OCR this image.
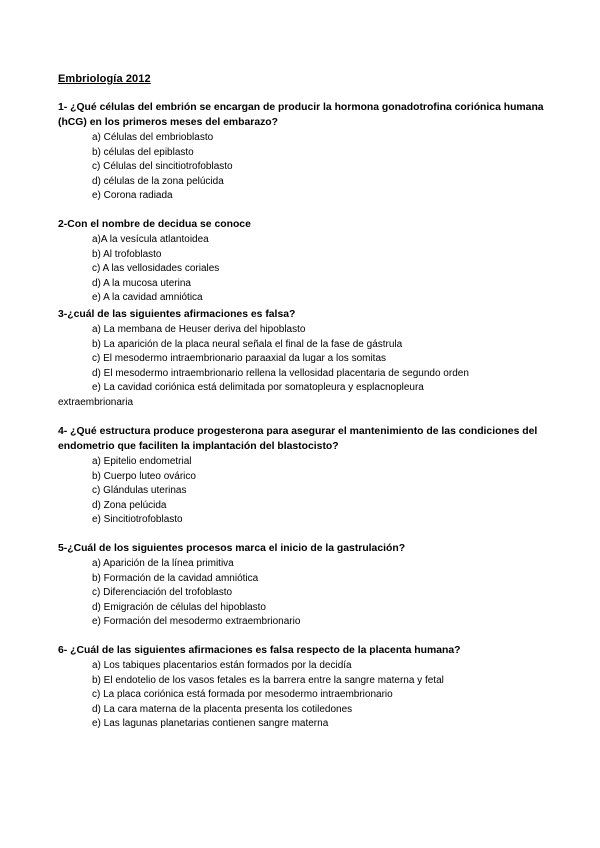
Embriología 2012

1- ¿Qué células del embrión se encargan de producir la hormona gonadotrofina coriónica humana (hCG) en los primeros meses del embarazo?

a) Células del embrioblasto
b) células del epiblasto
c) Células del sincitiotrofoblasto
d) células de la zona pelúcida
e) Corona radiada

2-Con el nombre de decidua se conoce

a)A la vesícula atlantoidea
b) Al trofoblasto
c) A las vellosidades coriales
d) A la mucosa uterina
e) A la cavidad amniótica

3-¿cuál de las siguientes afirmaciones es falsa?

a) La membana de Heuser deriva del hipoblasto
b) La aparición de la placa neural señala el final de la fase de gástrula
c) El mesodermo intraembrionario paraaxial da lugar a los somitas
d) El mesodermo intraembrionario rellena la vellosidad placentaria de segundo orden
e) La cavidad coriónica está delimitada por somatopleura y esplacnopleura
extraembrionaria

4- ¿Qué estructura produce progesterona para asegurar el mantenimiento de las condiciones del endometrio que faciliten la implantación del blastocisto?

a) Epitelio endometrial
b) Cuerpo luteo ovárico
c) Glándulas uterinas
d) Zona pelúcida
e) Sincitiotrofoblasto

5-¿Cuál de los siguientes procesos marca el inicio de la gastrulación?

a) Aparición de la línea primitiva
b) Formación de la cavidad amniótica
c) Diferenciación del trofoblasto
d) Emigración de células del hipoblasto
e) Formación del mesodermo extraembrionario

6- ¿Cuál de las siguientes afirmaciones es falsa respecto de la placenta humana?

a) Los tabiques placentarios están formados por la decidía
b) El endotelio de los vasos fetales es la barrera entre la sangre materna y fetal
c) La placa coriónica está formada por mesodermo intraembrionario
d) La cara materna de la placenta presenta los cotiledones
e) Las lagunas planetarias contienen sangre materna
